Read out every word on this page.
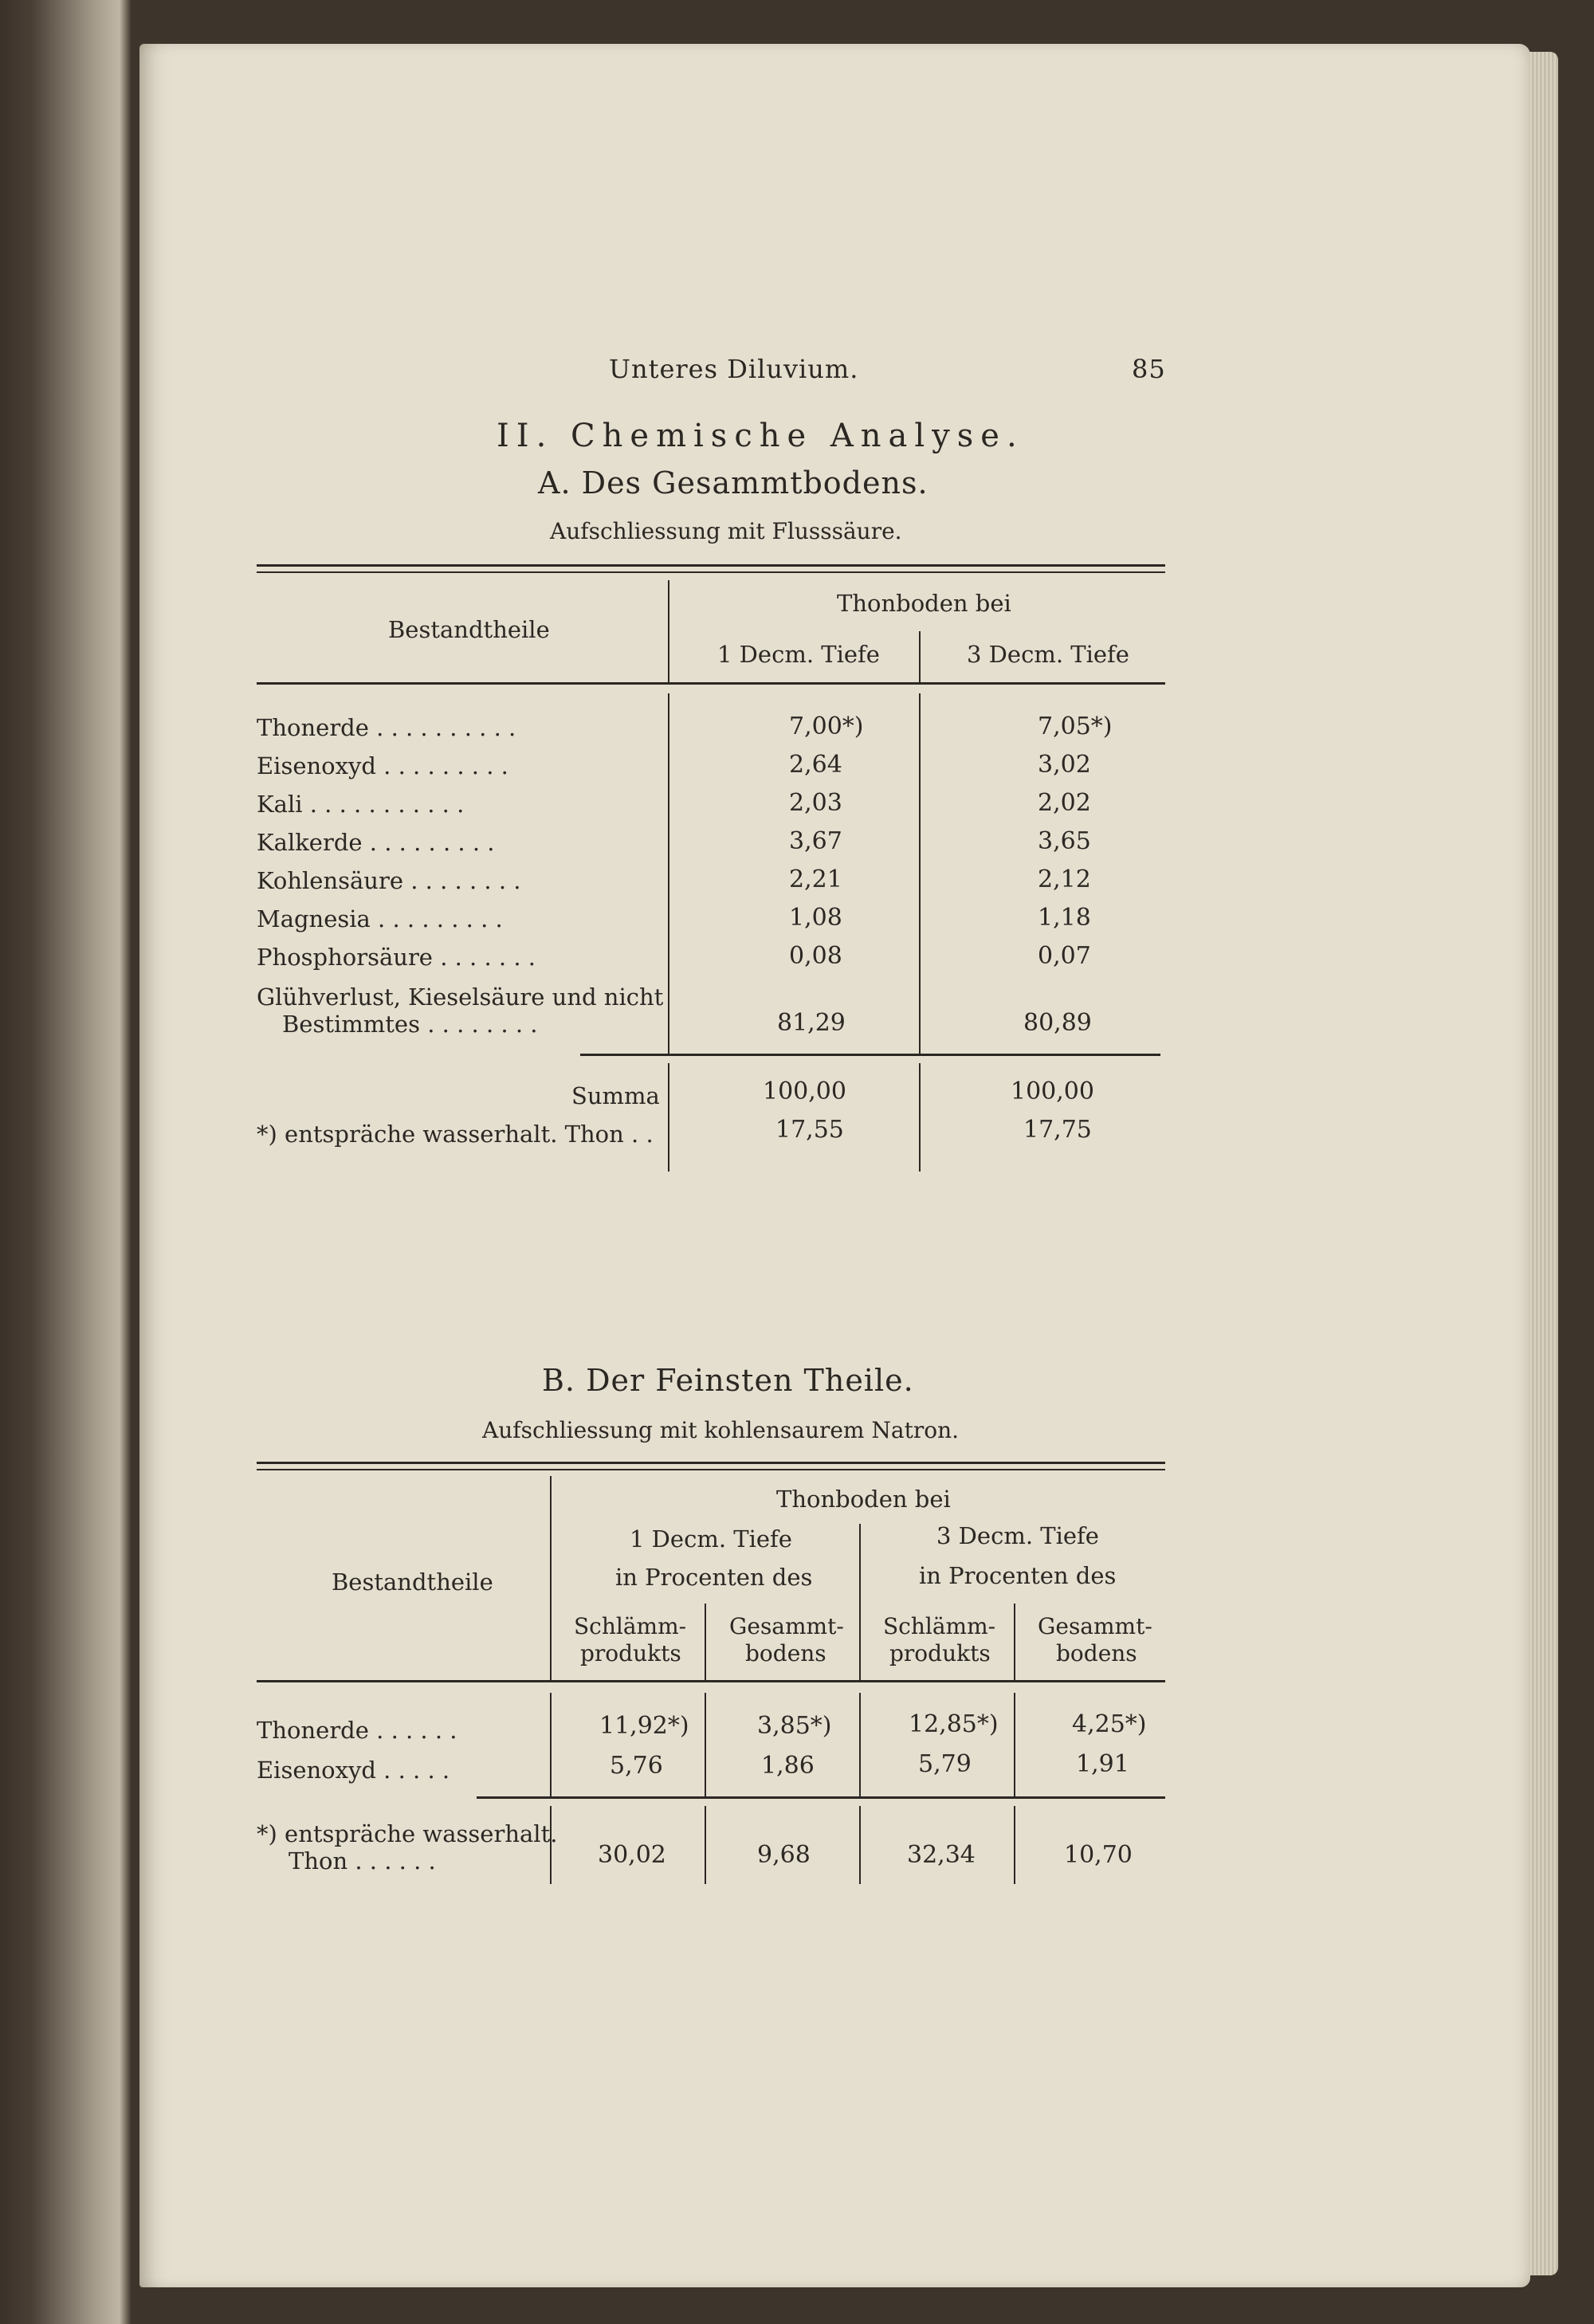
Unteres Diluvium.	85
II. Chemische Analyse.
A. Des Gesammtbodens.
Aufschliessung mit Flusssäure.
Bestandtheile
Thonboden bei
1 Decm. Tiefe	3 Decm. Tiefe
Thonerde . . . . . . . . . .	7,00*)	7,05*)
Eisenoxyd . . . . . . . . .	2,64	3,02
Kali . . . . . . . . . . .	2,03	2,02
Kalkerde . . . . . . . . .	3,67	3,65
Kohlensäure . . . . . . . .	2,21	2,12
Magnesia . . . . . . . . .	1,08	1,18
Phosphorsäure . . . . . . .	0,08	0,07
Glühverlust, Kieselsäure und nicht
Bestimmtes . . . . . . . .	81,29	80,89
Summa	100,00	100,00
*) entspräche wasserhalt. Thon . .	17,55	17,75
B. Der Feinsten Theile.
Aufschliessung mit kohlensaurem Natron.
Bestandtheile
Thonboden bei
1 Decm. Tiefe
in Procenten des
3 Decm. Tiefe
in Procenten des
Schlämm-
produkts
Gesammt-
bodens
Schlämm-
produkts
Gesammt-
bodens
Thonerde . . . . . .	11,92*)	3,85*)	12,85*)	4,25*)
Eisenoxyd . . . . .	5,76	1,86	5,79	1,91
*) entspräche wasserhalt.
Thon . . . . . .	30,02	9,68	32,34	10,70
